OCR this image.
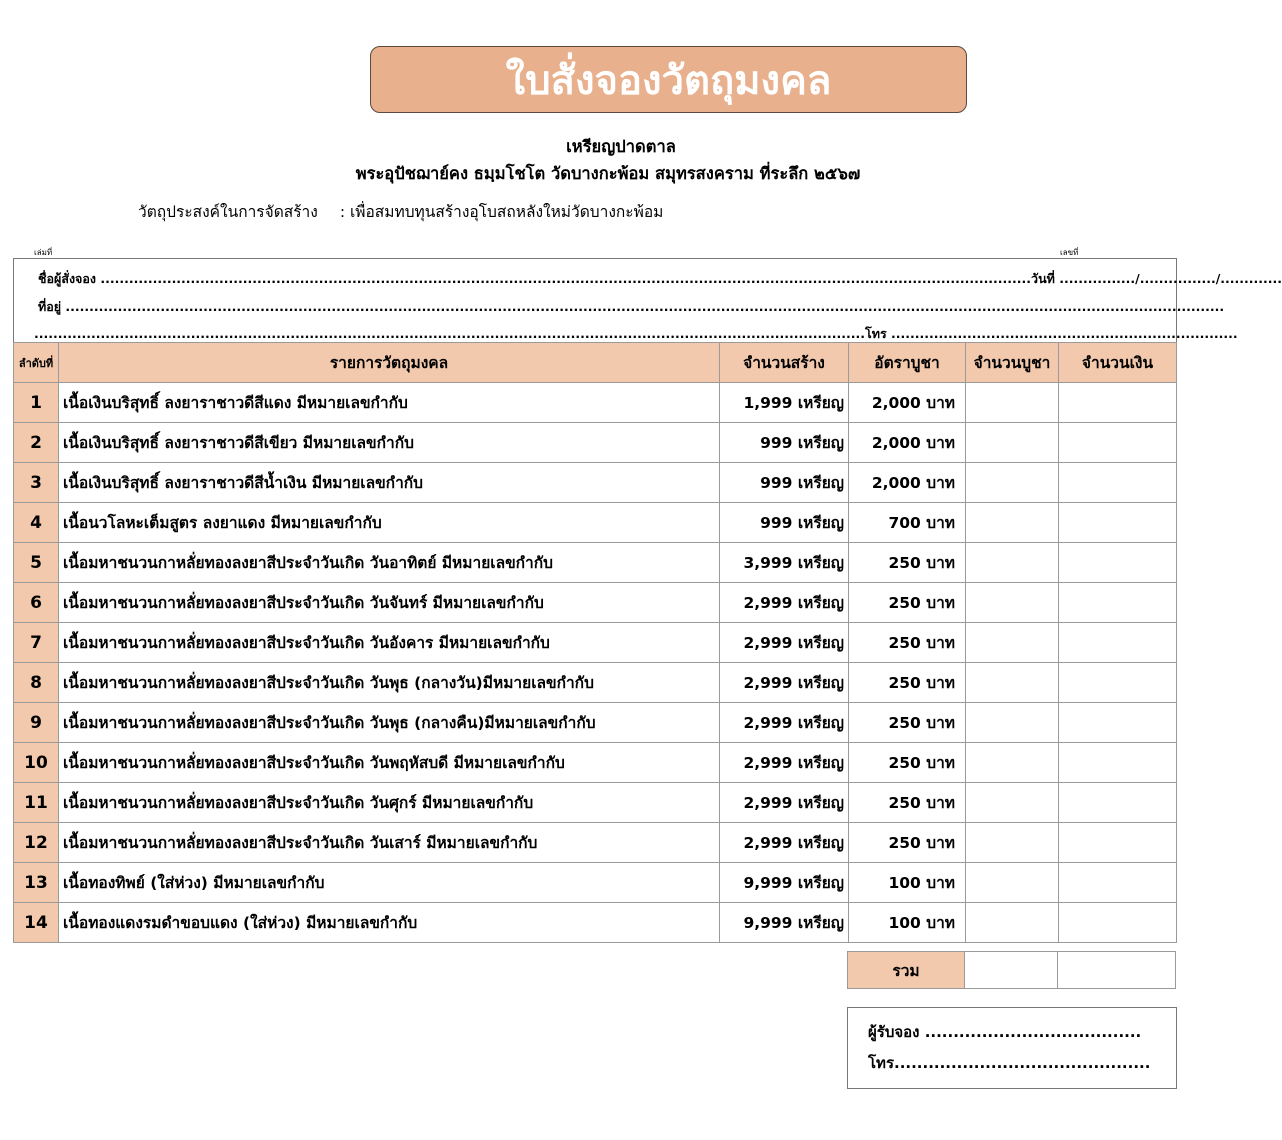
ใบสั่งจองวัตถุมงคล
เหรียญปาดตาล
พระอุปัชฌาย์คง ธมฺมโชโต วัดบางกะพ้อม สมุทรสงคราม ที่ระลึก ๒๕๖๗
วัตถุประสงค์ในการจัดสร้าง : เพื่อสมทบทุนสร้างอุโบสถหลังใหม่วัดบางกะพ้อม
เล่มที่	เลขที่
ชื่อผู้สั่งจอง ....................................................................................................................................................................................................วันที่ ................/................/.............
ที่อยู่ ....................................................................................................................................................................................................................................................
...............................................................................................................................................................................โทร .........................................................................
ลำดับที่	รายการวัตถุมงคล	จำนวนสร้าง	อัตราบูชา	จำนวนบูชา	จำนวนเงิน
1	เนื้อเงินบริสุทธิ์ ลงยาราชาวดีสีแดง มีหมายเลขกำกับ	1,999 เหรียญ	2,000 บาท		
2	เนื้อเงินบริสุทธิ์ ลงยาราชาวดีสีเขียว มีหมายเลขกำกับ	999 เหรียญ	2,000 บาท		
3	เนื้อเงินบริสุทธิ์ ลงยาราชาวดีสีน้ำเงิน มีหมายเลขกำกับ	999 เหรียญ	2,000 บาท		
4	เนื้อนวโลหะเต็มสูตร ลงยาแดง มีหมายเลขกำกับ	999 เหรียญ	700 บาท		
5	เนื้อมหาชนวนกาหลั่ยทองลงยาสีประจำวันเกิด วันอาทิตย์ มีหมายเลขกำกับ	3,999 เหรียญ	250 บาท		
6	เนื้อมหาชนวนกาหลั่ยทองลงยาสีประจำวันเกิด วันจันทร์ มีหมายเลขกำกับ	2,999 เหรียญ	250 บาท		
7	เนื้อมหาชนวนกาหลั่ยทองลงยาสีประจำวันเกิด วันอังคาร มีหมายเลขกำกับ	2,999 เหรียญ	250 บาท		
8	เนื้อมหาชนวนกาหลั่ยทองลงยาสีประจำวันเกิด วันพุธ (กลางวัน)มีหมายเลขกำกับ	2,999 เหรียญ	250 บาท		
9	เนื้อมหาชนวนกาหลั่ยทองลงยาสีประจำวันเกิด วันพุธ (กลางคืน)มีหมายเลขกำกับ	2,999 เหรียญ	250 บาท		
10	เนื้อมหาชนวนกาหลั่ยทองลงยาสีประจำวันเกิด วันพฤหัสบดี มีหมายเลขกำกับ	2,999 เหรียญ	250 บาท		
11	เนื้อมหาชนวนกาหลั่ยทองลงยาสีประจำวันเกิด วันศุกร์ มีหมายเลขกำกับ	2,999 เหรียญ	250 บาท		
12	เนื้อมหาชนวนกาหลั่ยทองลงยาสีประจำวันเกิด วันเสาร์ มีหมายเลขกำกับ	2,999 เหรียญ	250 บาท		
13	เนื้อทองทิพย์ (ใส่ห่วง) มีหมายเลขกำกับ	9,999 เหรียญ	100 บาท		
14	เนื้อทองแดงรมดำขอบแดง (ใส่ห่วง) มีหมายเลขกำกับ	9,999 เหรียญ	100 บาท		
รวม		
ผู้รับจอง ......................................
โทร.............................................
